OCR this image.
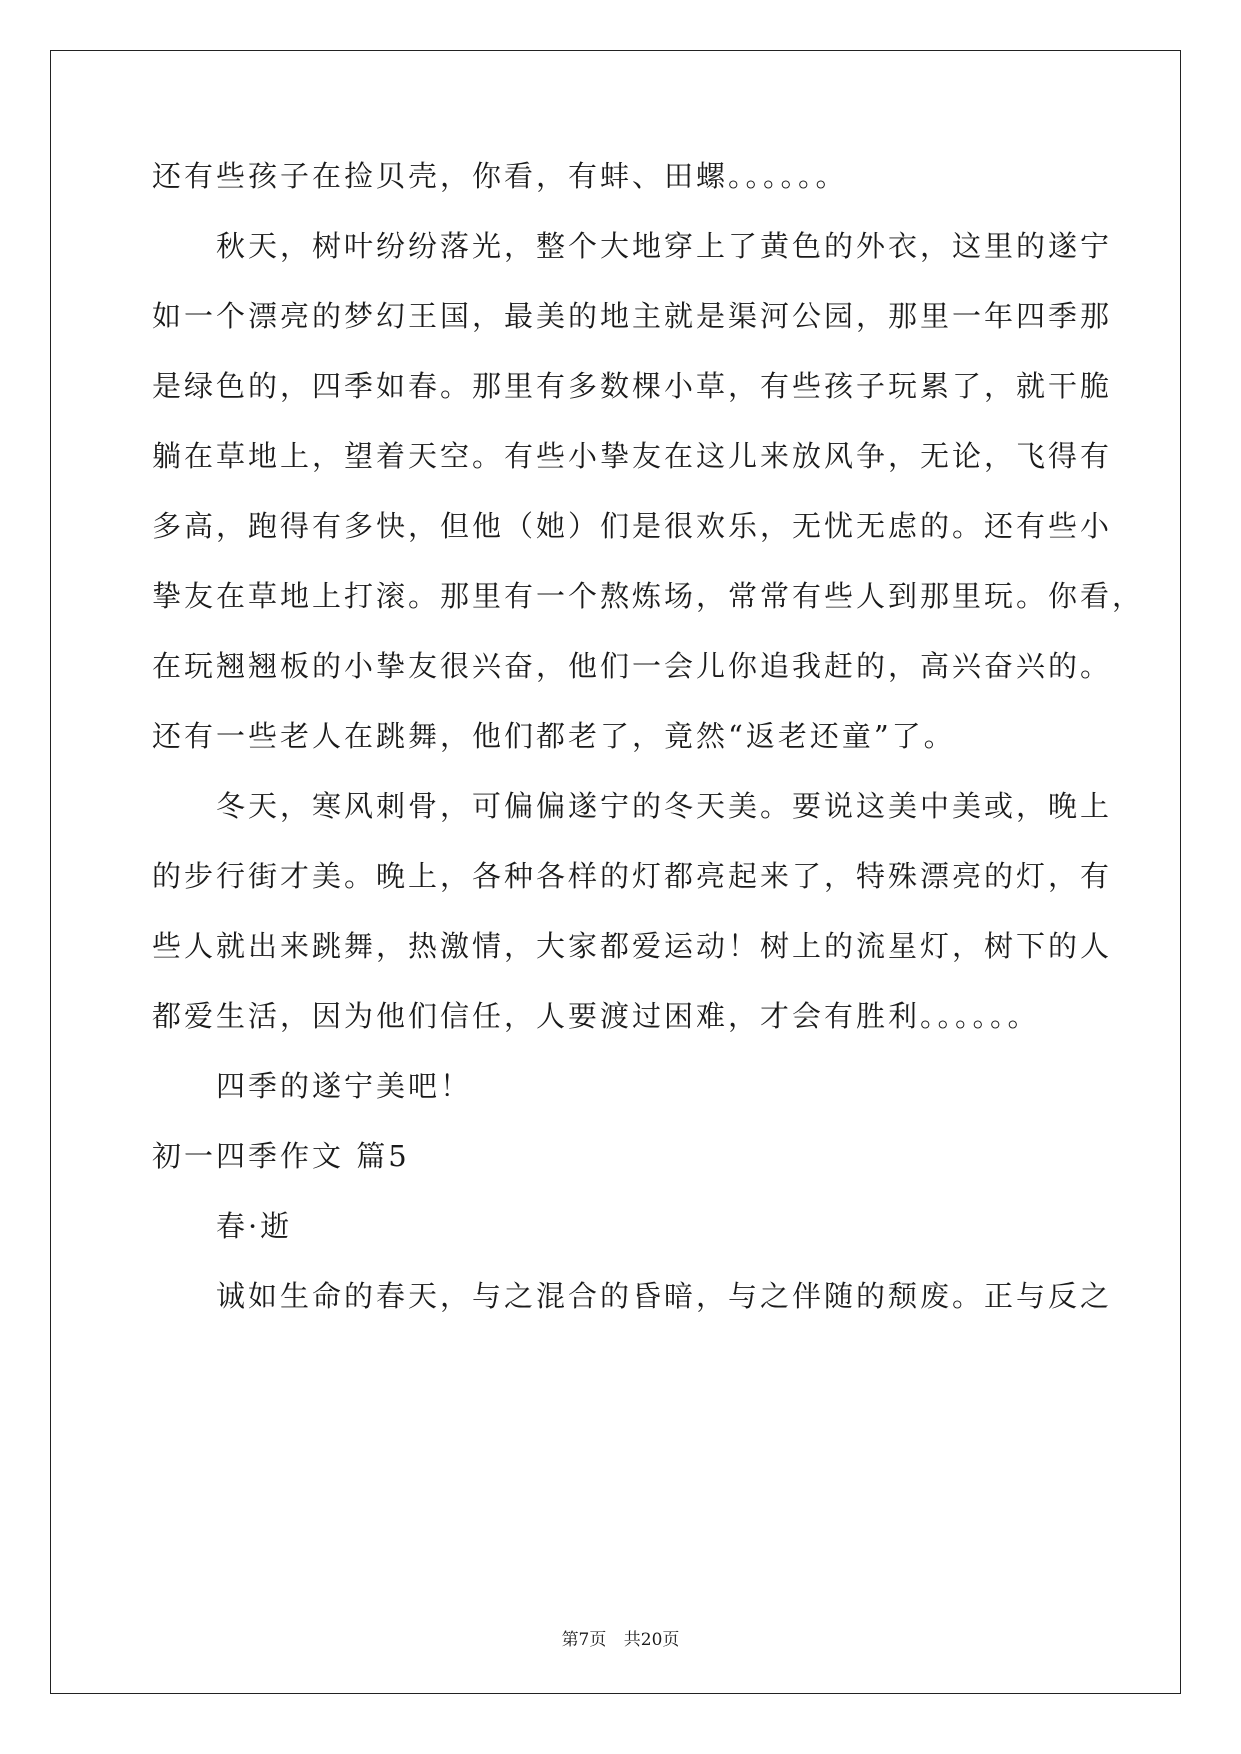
还有些孩子在捡贝壳，你看，有蚌、田螺。。。。。。
秋天，树叶纷纷落光，整个大地穿上了黄色的外衣，这里的遂宁
如一个漂亮的梦幻王国，最美的地主就是渠河公园，那里一年四季那
是绿色的，四季如春。那里有多数棵小草，有些孩子玩累了，就干脆
躺在草地上，望着天空。有些小挚友在这儿来放风争，无论，飞得有
多高，跑得有多快，但他（她）们是很欢乐，无忧无虑的。还有些小
挚友在草地上打滚。那里有一个熬炼场，常常有些人到那里玩。你看，
在玩翘翘板的小挚友很兴奋，他们一会儿你追我赶的，高兴奋兴的。
还有一些老人在跳舞，他们都老了，竟然“返老还童”了。
冬天，寒风刺骨，可偏偏遂宁的冬天美。要说这美中美或，晚上
的步行街才美。晚上，各种各样的灯都亮起来了，特殊漂亮的灯，有
些人就出来跳舞，热激情，大家都爱运动！树上的流星灯，树下的人
都爱生活，因为他们信任，人要渡过困难，才会有胜利。。。。。。
四季的遂宁美吧！
初一四季作文 篇5
春·逝
诚如生命的春天，与之混合的昏暗，与之伴随的颓废。正与反之
第7页 共20页
